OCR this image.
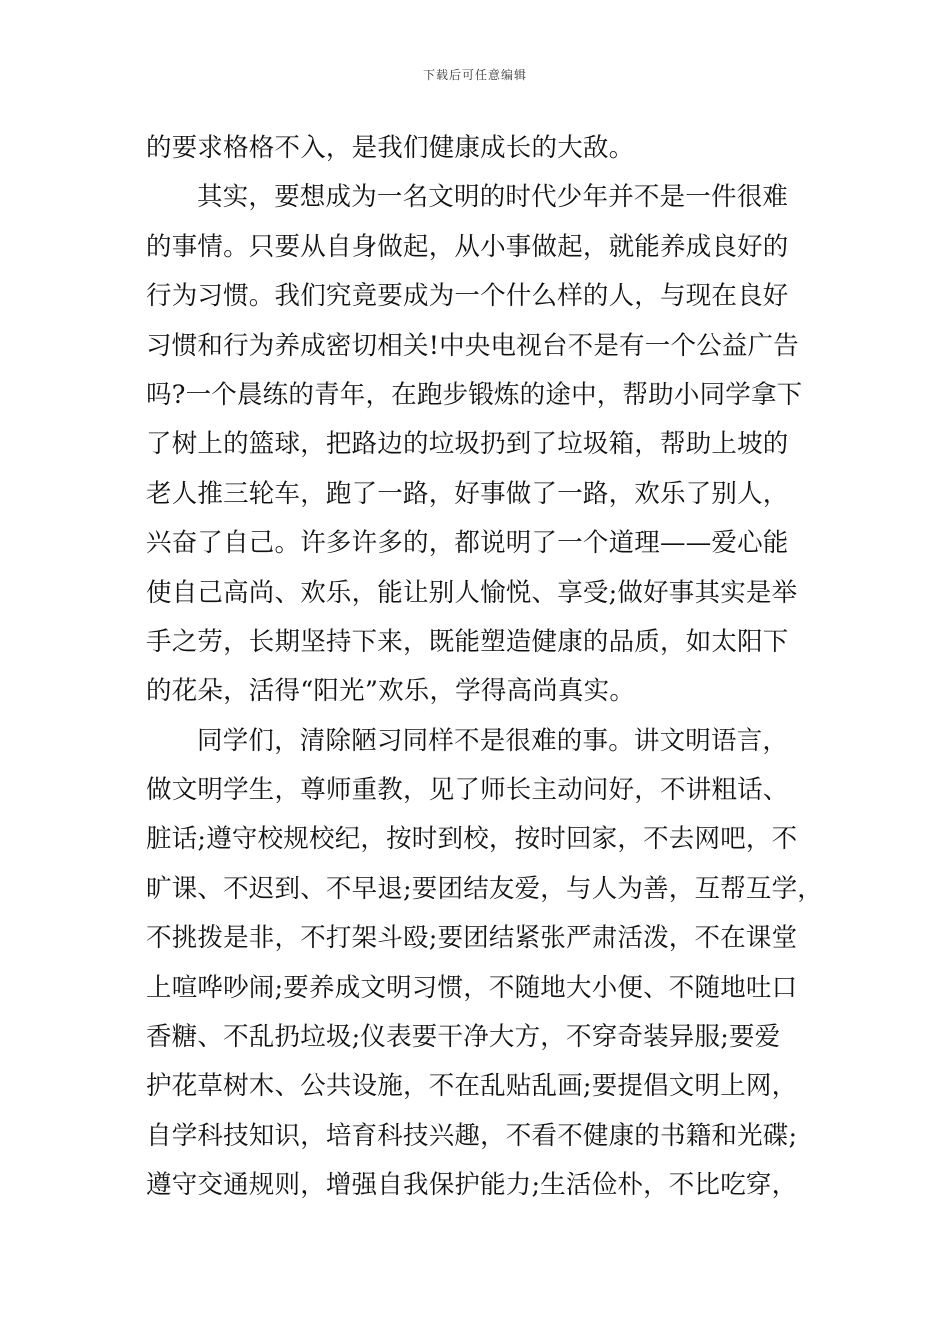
下载后可任意编辑
的要求格格不入，是我们健康成长的大敌。
其实，要想成为一名文明的时代少年并不是一件很难
的事情。只要从自身做起，从小事做起，就能养成良好的
行为习惯。我们究竟要成为一个什么样的人，与现在良好
习惯和行为养成密切相关!中央电视台不是有一个公益广告
吗?一个晨练的青年，在跑步锻炼的途中，帮助小同学拿下
了树上的篮球，把路边的垃圾扔到了垃圾箱，帮助上坡的
老人推三轮车，跑了一路，好事做了一路，欢乐了别人，
兴奋了自己。许多许多的，都说明了一个道理——爱心能
使自己高尚、欢乐，能让别人愉悦、享受;做好事其实是举
手之劳，长期坚持下来，既能塑造健康的品质，如太阳下
的花朵，活得“阳光”欢乐，学得高尚真实。
同学们，清除陋习同样不是很难的事。讲文明语言，
做文明学生，尊师重教，见了师长主动问好，不讲粗话、
脏话;遵守校规校纪，按时到校，按时回家，不去网吧，不
旷课、不迟到、不早退;要团结友爱，与人为善，互帮互学，
不挑拨是非，不打架斗殴;要团结紧张严肃活泼，不在课堂
上喧哗吵闹;要养成文明习惯，不随地大小便、不随地吐口
香糖、不乱扔垃圾;仪表要干净大方，不穿奇装异服;要爱
护花草树木、公共设施，不在乱贴乱画;要提倡文明上网，
自学科技知识，培育科技兴趣，不看不健康的书籍和光碟;
遵守交通规则，增强自我保护能力;生活俭朴，不比吃穿，
